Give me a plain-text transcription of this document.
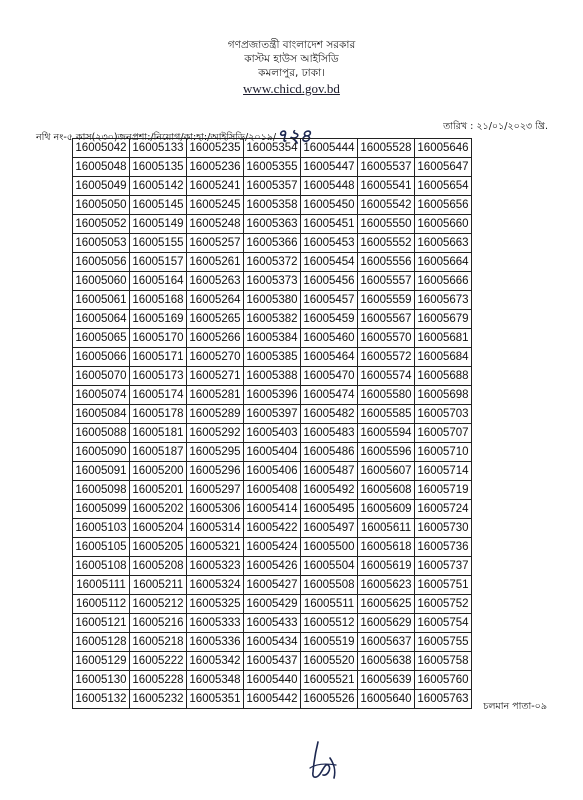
গণপ্রজাতন্ত্রী বাংলাদেশ সরকার
কাস্টম হাউস আইসিডি
কমলাপুর, ঢাকা।
www.chicd.gov.bd
নথি নং-৫ কাস(২৩০)জনপ্রশা:/নিয়োগ/কা:হা:/আইসিডি/২০১৯/৭২৪	তারিখ : ২১/০১/২০২৩ খ্রি.
16005042	16005133	16005235	16005354	16005444	16005528	16005646
16005048	16005135	16005236	16005355	16005447	16005537	16005647
16005049	16005142	16005241	16005357	16005448	16005541	16005654
16005050	16005145	16005245	16005358	16005450	16005542	16005656
16005052	16005149	16005248	16005363	16005451	16005550	16005660
16005053	16005155	16005257	16005366	16005453	16005552	16005663
16005056	16005157	16005261	16005372	16005454	16005556	16005664
16005060	16005164	16005263	16005373	16005456	16005557	16005666
16005061	16005168	16005264	16005380	16005457	16005559	16005673
16005064	16005169	16005265	16005382	16005459	16005567	16005679
16005065	16005170	16005266	16005384	16005460	16005570	16005681
16005066	16005171	16005270	16005385	16005464	16005572	16005684
16005070	16005173	16005271	16005388	16005470	16005574	16005688
16005074	16005174	16005281	16005396	16005474	16005580	16005698
16005084	16005178	16005289	16005397	16005482	16005585	16005703
16005088	16005181	16005292	16005403	16005483	16005594	16005707
16005090	16005187	16005295	16005404	16005486	16005596	16005710
16005091	16005200	16005296	16005406	16005487	16005607	16005714
16005098	16005201	16005297	16005408	16005492	16005608	16005719
16005099	16005202	16005306	16005414	16005495	16005609	16005724
16005103	16005204	16005314	16005422	16005497	16005611	16005730
16005105	16005205	16005321	16005424	16005500	16005618	16005736
16005108	16005208	16005323	16005426	16005504	16005619	16005737
16005111	16005211	16005324	16005427	16005508	16005623	16005751
16005112	16005212	16005325	16005429	16005511	16005625	16005752
16005121	16005216	16005333	16005433	16005512	16005629	16005754
16005128	16005218	16005336	16005434	16005519	16005637	16005755
16005129	16005222	16005342	16005437	16005520	16005638	16005758
16005130	16005228	16005348	16005440	16005521	16005639	16005760
16005132	16005232	16005351	16005442	16005526	16005640	16005763
চলমান পাতা-০৯
